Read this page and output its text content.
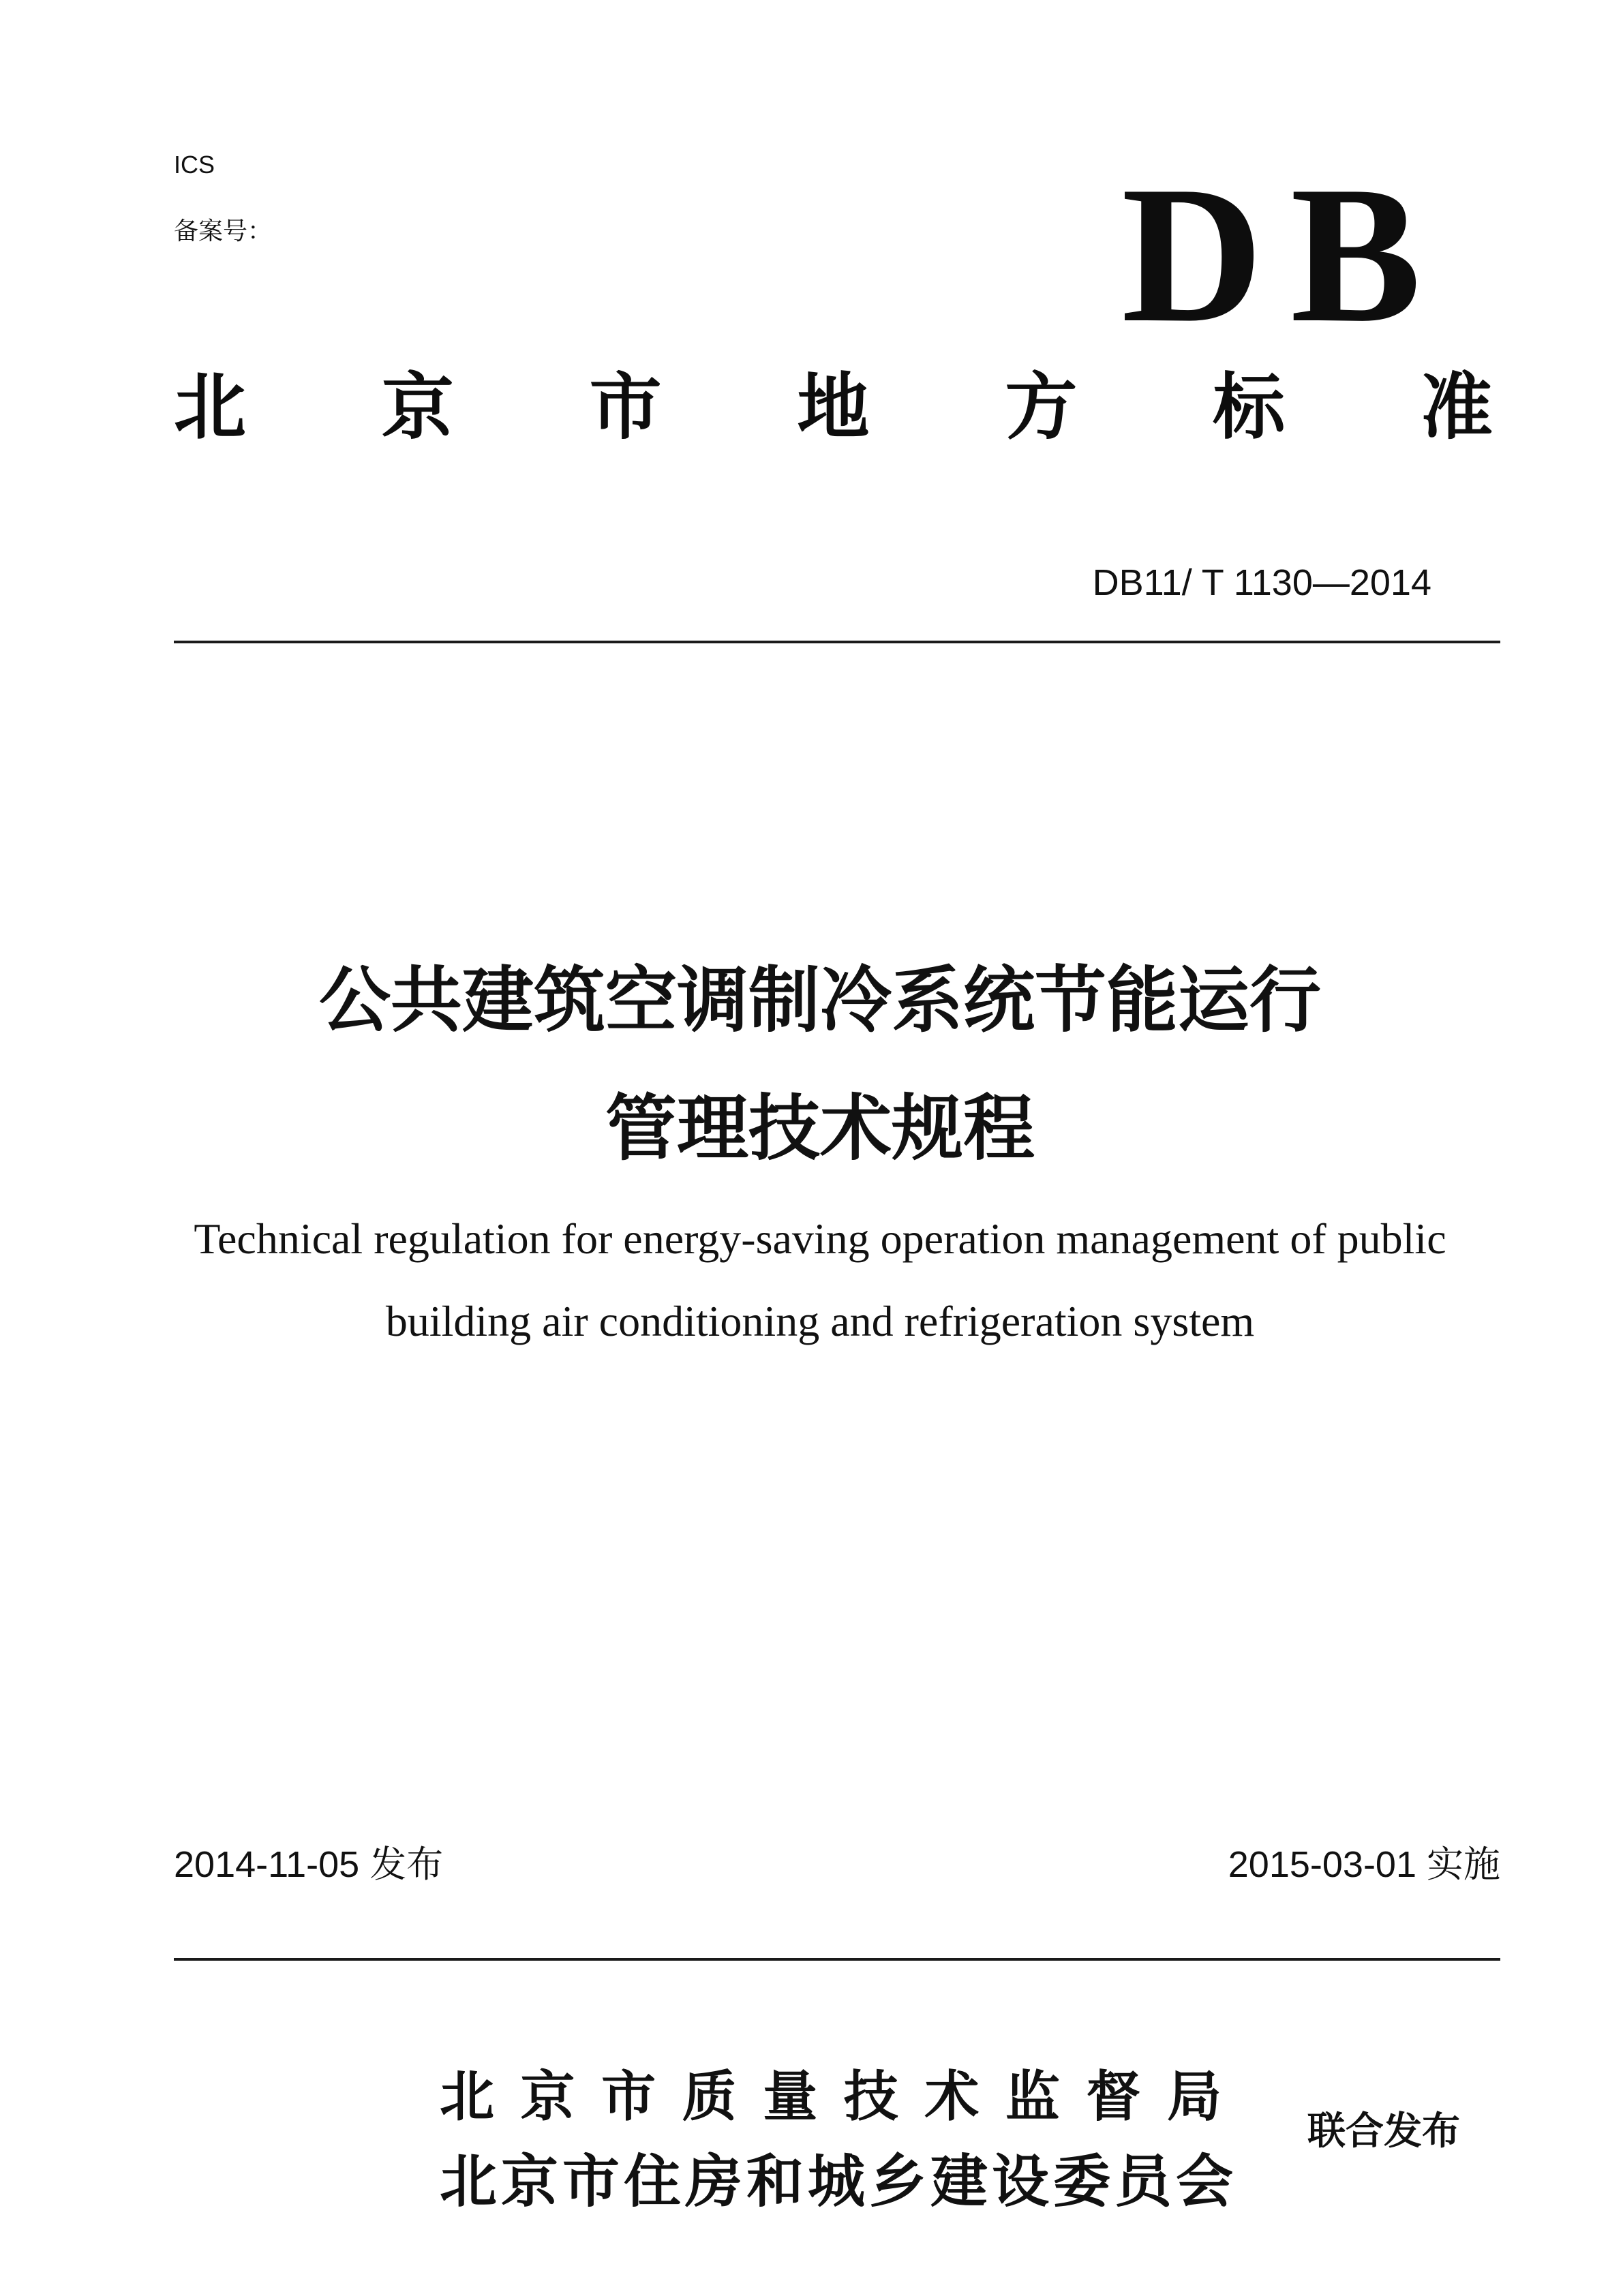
ICS
备案号：	DB
北 京 市 地 方 标 准
DB11/ T 1130—2014
公共建筑空调制冷系统节能运行
管理技术规程
Technical regulation for energy-saving operation management of public
building air conditioning and refrigeration system
2014-11-05 发布	2015-03-01 实施
北 京 市 质 量 技 术 监 督 局
北京市住房和城乡建设委员会
联合发布
